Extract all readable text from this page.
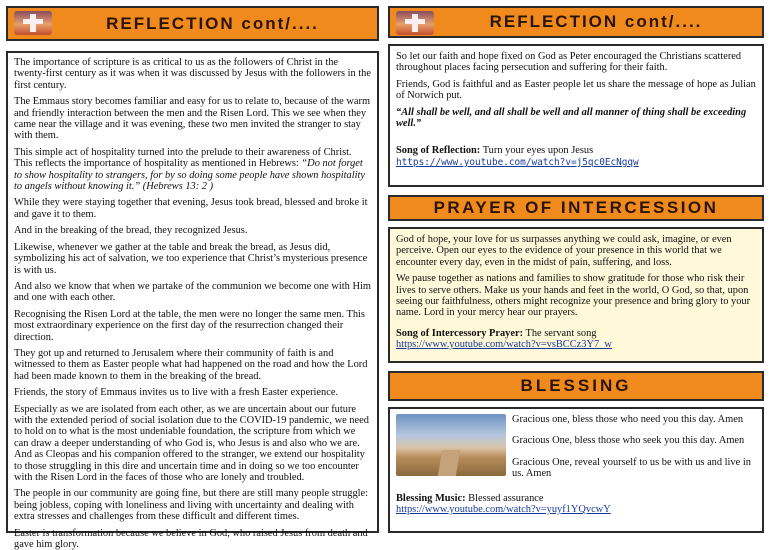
REFLECTION cont/....

The importance of scripture is as critical to us as the followers of Christ in the twenty-first century as it was when it was discussed by Jesus with the followers in the first century.

The Emmaus story becomes familiar and easy for us to relate to, because of the warm and friendly interaction between the men and the Risen Lord. This we see when they came near the village and it was evening, these two men invited the stranger to stay with them.

This simple act of hospitality turned into the prelude to their awareness of Christ. This reflects the importance of hospitality as mentioned in Hebrews: “Do not forget to show hospitality to strangers, for by so doing some people have shown hospitality to angels without knowing it.” (Hebrews 13: 2 )

While they were staying together that evening, Jesus took bread, blessed and broke it and gave it to them.

And in the breaking of the bread, they recognized Jesus.

Likewise, whenever we gather at the table and break the bread, as Jesus did, symbolizing his act of salvation, we too experience that Christ’s mysterious presence is with us.

And also we know that when we partake of the communion we become one with Him and one with each other.

Recognising the Risen Lord at the table, the men were no longer the same men. This most extraordinary experience on the first day of the resurrection changed their direction.

They got up and returned to Jerusalem where their community of faith is and witnessed to them as Easter people what had happened on the road and how the Lord had been made known to them in the breaking of the bread.

Friends, the story of Emmaus invites us to live with a fresh Easter experience.

Especially as we are isolated from each other, as we are uncertain about our future with the extended period of social isolation due to the COVID-19 pandemic, we need to hold on to what is the most undeniable foundation, the scripture from which we can draw a deeper understanding of who God is, who Jesus is and also who we are. And as Cleopas and his companion offered to the stranger, we extend our hospitality to those struggling in this dire and uncertain time and in doing so we too encounter with the Risen Lord in the faces of those who are lonely and troubled.

The people in our community are going fine, but there are still many people struggle: being jobless, coping with loneliness and living with uncertainty and dealing with extra stresses and challenges from these difficult and different times.

Easter is transformation because we believe in God, who raised Jesus from death and gave him glory.

REFLECTION cont/....

So let our faith and hope fixed on God as Peter encouraged the Christians scattered throughout places facing persecution and suffering for their faith.

Friends, God is faithful and as Easter people let us share the message of hope as Julian of Norwich put.

“All shall be well, and all shall be well and all manner of thing shall be exceeding well.”

Song of Reflection: Turn your eyes upon Jesus
https://www.youtube.com/watch?v=j5qc0EcNgqw
PRAYER OF INTERCESSION

God of hope, your love for us surpasses anything we could ask, imagine, or even perceive. Open our eyes to the evidence of your presence in this world that we encounter every day, even in the midst of pain, suffering, and loss.

We pause together as nations and families to show gratitude for those who risk their lives to serve others. Make us your hands and feet in the world, O God, so that, upon seeing our faithfulness, others might recognize your presence and bring glory to your name. Lord in your mercy hear our prayers.

Song of Intercessory Prayer: The servant song
https://www.youtube.com/watch?v=vsBCCz3Y7_w
BLESSING

Gracious one, bless those who need you this day. Amen

Gracious One, bless those who seek you this day. Amen

Gracious One, reveal yourself to us be with us and live in us. Amen

Blessing Music: Blessed assurance
https://www.youtube.com/watch?v=yuyf1YQvcwY
